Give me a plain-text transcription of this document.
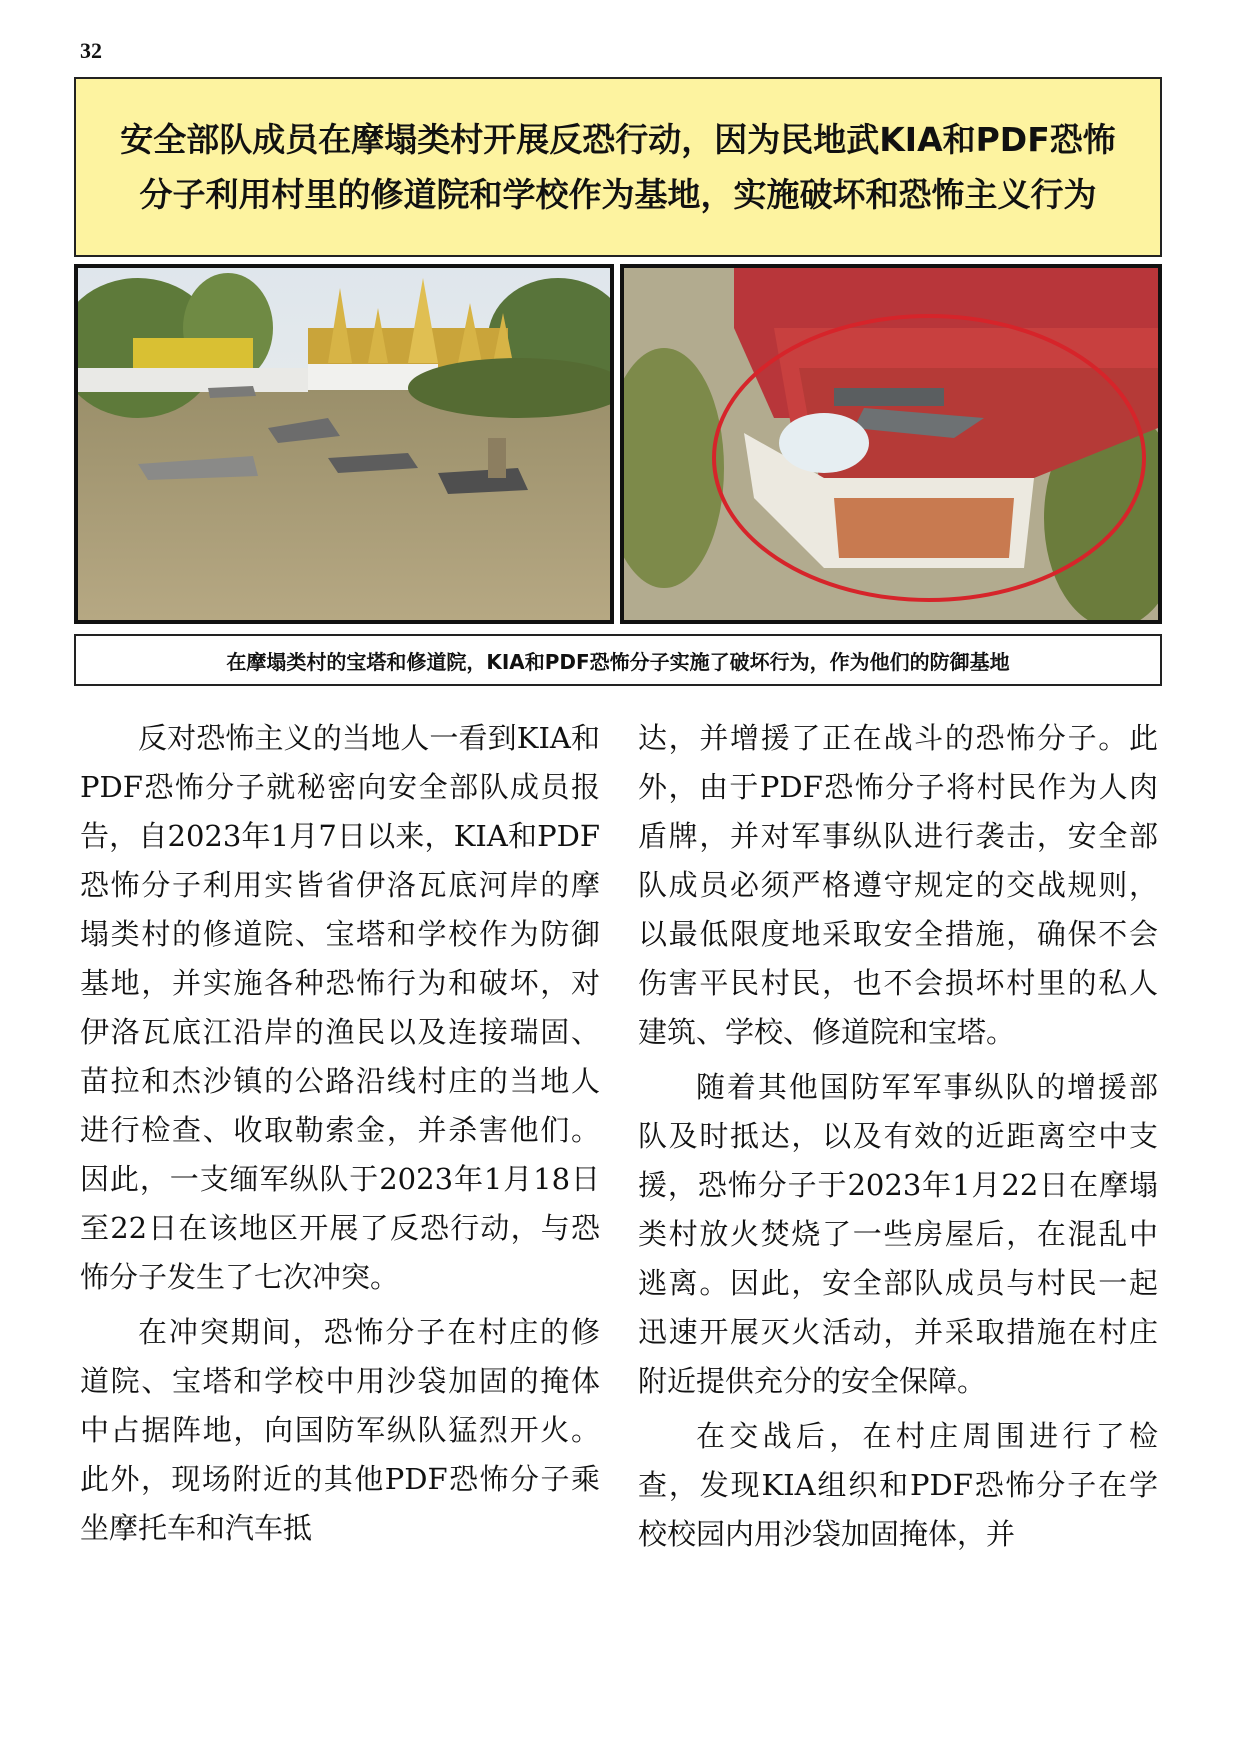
32
安全部队成员在摩塌类村开展反恐行动，因为民地武KIA和PDF恐怖分子利用村里的修道院和学校作为基地，实施破坏和恐怖主义行为
在摩塌类村的宝塔和修道院，KIA和PDF恐怖分子实施了破坏行为，作为他们的防御基地

反对恐怖主义的当地人一看到KIA和PDF恐怖分子就秘密向安全部队成员报告，自2023年1月7日以来，KIA和PDF恐怖分子利用实皆省伊洛瓦底河岸的摩塌类村的修道院、宝塔和学校作为防御基地，并实施各种恐怖行为和破坏，对伊洛瓦底江沿岸的渔民以及连接瑞固、苗拉和杰沙镇的公路沿线村庄的当地人进行检查、收取勒索金，并杀害他们。因此，一支缅军纵队于2023年1月18日至22日在该地区开展了反恐行动，与恐怖分子发生了七次冲突。

在冲突期间，恐怖分子在村庄的修道院、宝塔和学校中用沙袋加固的掩体中占据阵地，向国防军纵队猛烈开火。此外，现场附近的其他PDF恐怖分子乘坐摩托车和汽车抵

达，并增援了正在战斗的恐怖分子。此外，由于PDF恐怖分子将村民作为人肉盾牌，并对军事纵队进行袭击，安全部队成员必须严格遵守规定的交战规则，以最低限度地采取安全措施，确保不会伤害平民村民，也不会损坏村里的私人建筑、学校、修道院和宝塔。

随着其他国防军军事纵队的增援部队及时抵达，以及有效的近距离空中支援，恐怖分子于2023年1月22日在摩塌类村放火焚烧了一些房屋后，在混乱中逃离。因此，安全部队成员与村民一起迅速开展灭火活动，并采取措施在村庄附近提供充分的安全保障。

在交战后，在村庄周围进行了检查，发现KIA组织和PDF恐怖分子在学校校园内用沙袋加固掩体，并
